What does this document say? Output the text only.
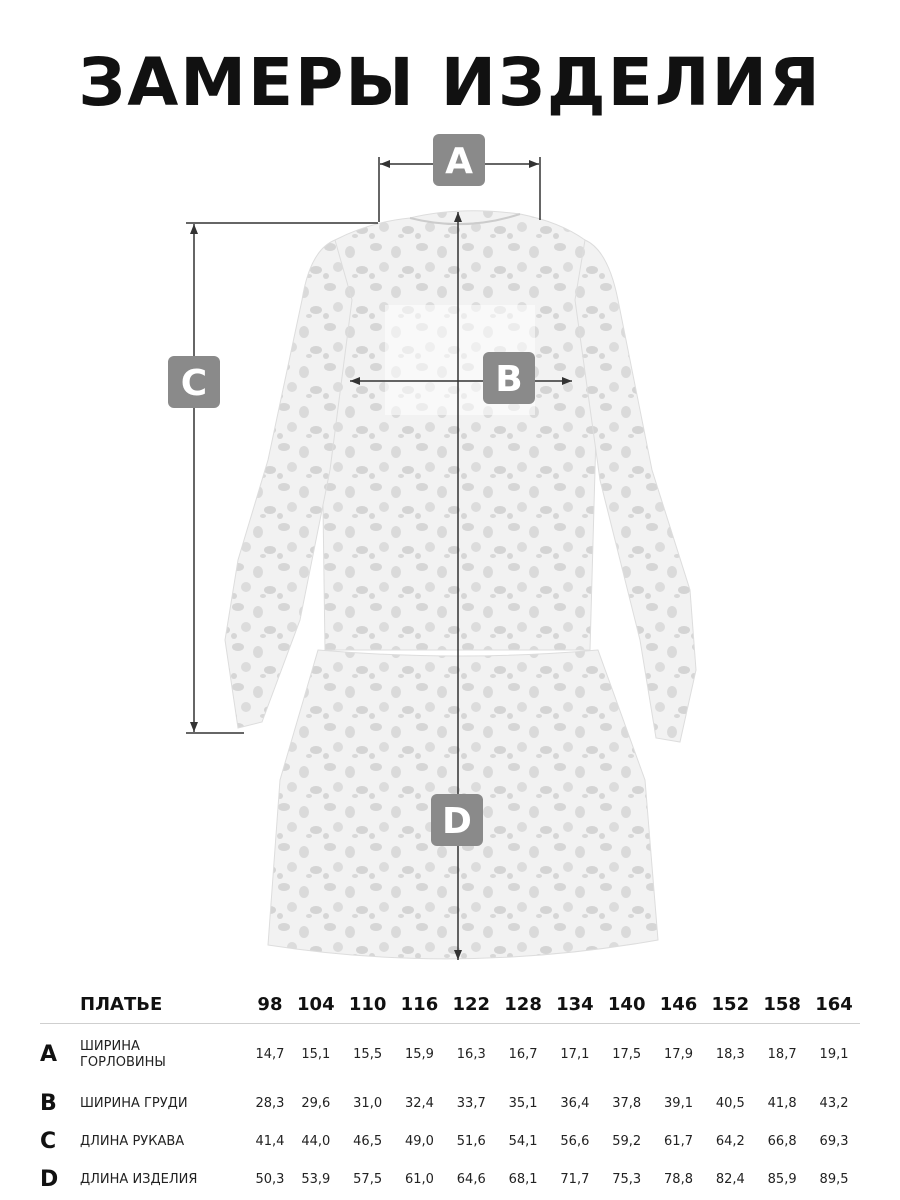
ЗАМЕРЫ ИЗДЕЛИЯ
A
B
C
D
ПЛАТЬЕ		98	104	110	116	122	128	134	140	146	152	158	164
A	ШИРИНА
ГОРЛОВИНЫ	14,7	15,1	15,5	15,9	16,3	16,7	17,1	17,5	17,9	18,3	18,7	19,1
B	ШИРИНА ГРУДИ	28,3	29,6	31,0	32,4	33,7	35,1	36,4	37,8	39,1	40,5	41,8	43,2
C	ДЛИНА РУКАВА	41,4	44,0	46,5	49,0	51,6	54,1	56,6	59,2	61,7	64,2	66,8	69,3
D	ДЛИНА ИЗДЕЛИЯ	50,3	53,9	57,5	61,0	64,6	68,1	71,7	75,3	78,8	82,4	85,9	89,5
